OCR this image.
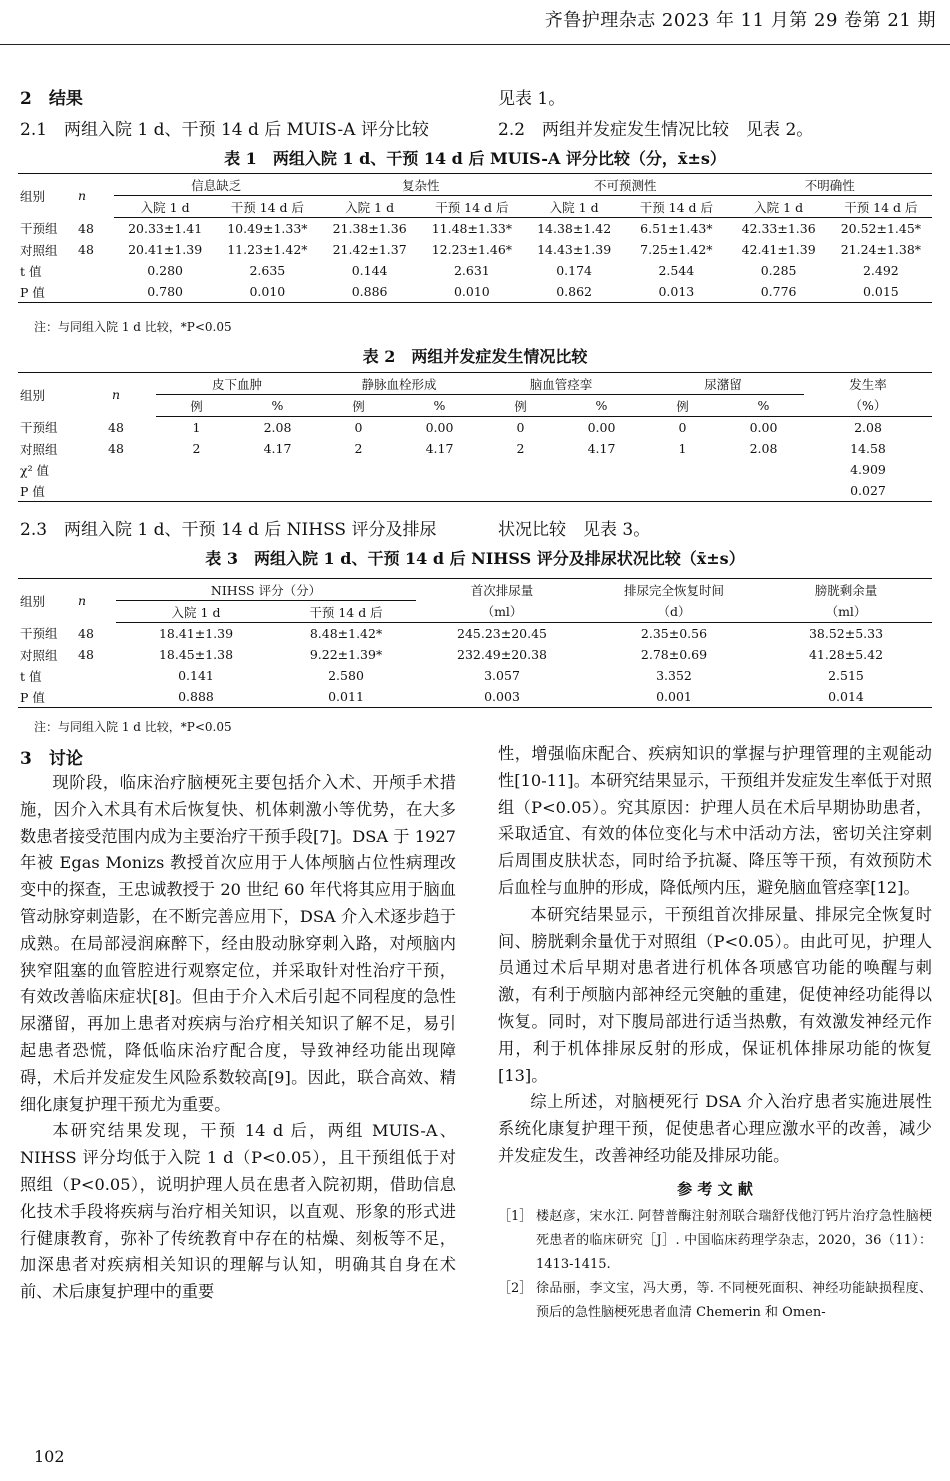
齐鲁护理杂志 2023 年 11 月第 29 卷第 21 期
2　结果
2.1　两组入院 1 d、干预 14 d 后 MUIS-A 评分比较
见表 1。
2.2　两组并发症发生情况比较　见表 2。
表 1　两组入院 1 d、干预 14 d 后 MUIS-A 评分比较（分，x̄±s）
组别	n	信息缺乏		复杂性		不可预测性		不明确性	
		入院 1 d	干预 14 d 后	入院 1 d	干预 14 d 后	入院 1 d	干预 14 d 后	入院 1 d	干预 14 d 后
干预组	48	20.33±1.41	10.49±1.33*	21.38±1.36	11.48±1.33*	14.38±1.42	6.51±1.43*	42.33±1.36	20.52±1.45*
对照组	48	20.41±1.39	11.23±1.42*	21.42±1.37	12.23±1.46*	14.43±1.39	7.25±1.42*	42.41±1.39	21.24±1.38*
t 值		0.280	2.635	0.144	2.631	0.174	2.544	0.285	2.492
P 值		0.780	0.010	0.886	0.010	0.862	0.013	0.776	0.015
注：与同组入院 1 d 比较，*P<0.05
表 2　两组并发症发生情况比较
组别	n	皮下血肿		静脉血栓形成		脑血管痉挛		尿潴留		发生率
		例	%	例	%	例	%	例	%	（%）
干预组	48	1	2.08	0	0.00	0	0.00	0	0.00	2.08
对照组	48	2	4.17	2	4.17	2	4.17	1	2.08	14.58
χ² 值										4.909
P 值										0.027
2.3　两组入院 1 d、干预 14 d 后 NIHSS 评分及排尿	状况比较　见表 3。
表 3　两组入院 1 d、干预 14 d 后 NIHSS 评分及排尿状况比较（x̄±s）
组别	n	NIHSS 评分（分）		首次排尿量	排尿完全恢复时间	膀胱剩余量
		入院 1 d	干预 14 d 后	（ml）	（d）	（ml）
干预组	48	18.41±1.39	8.48±1.42*	245.23±20.45	2.35±0.56	38.52±5.33
对照组	48	18.45±1.38	9.22±1.39*	232.49±20.38	2.78±0.69	41.28±5.42
t 值		0.141	2.580	3.057	3.352	2.515
P 值		0.888	0.011	0.003	0.001	0.014
注：与同组入院 1 d 比较，*P<0.05
3　讨论

现阶段，临床治疗脑梗死主要包括介入术、开颅手术措施，因介入术具有术后恢复快、机体刺激小等优势，在大多数患者接受范围内成为主要治疗干预手段[7]。DSA 于 1927 年被 Egas Monizs 教授首次应用于人体颅脑占位性病理改变中的探查，王忠诚教授于 20 世纪 60 年代将其应用于脑血管动脉穿刺造影，在不断完善应用下，DSA 介入术逐步趋于成熟。在局部浸润麻醉下，经由股动脉穿刺入路，对颅脑内狭窄阻塞的血管腔进行观察定位，并采取针对性治疗干预，有效改善临床症状[8]。但由于介入术后引起不同程度的急性尿潴留，再加上患者对疾病与治疗相关知识了解不足，易引起患者恐慌，降低临床治疗配合度，导致神经功能出现障碍，术后并发症发生风险系数较高[9]。因此，联合高效、精细化康复护理干预尤为重要。

本研究结果发现，干预 14 d 后，两组 MUIS-A、NIHSS 评分均低于入院 1 d（P<0.05），且干预组低于对照组（P<0.05），说明护理人员在患者入院初期，借助信息化技术手段将疾病与治疗相关知识，以直观、形象的形式进行健康教育，弥补了传统教育中存在的枯燥、刻板等不足，加深患者对疾病相关知识的理解与认知，明确其自身在术前、术后康复护理中的重要

性，增强临床配合、疾病知识的掌握与护理管理的主观能动性[10-11]。本研究结果显示，干预组并发症发生率低于对照组（P<0.05）。究其原因：护理人员在术后早期协助患者，采取适宜、有效的体位变化与术中活动方法，密切关注穿刺后周围皮肤状态，同时给予抗凝、降压等干预，有效预防术后血栓与血肿的形成，降低颅内压，避免脑血管痉挛[12]。

本研究结果显示，干预组首次排尿量、排尿完全恢复时间、膀胱剩余量优于对照组（P<0.05）。由此可见，护理人员通过术后早期对患者进行机体各项感官功能的唤醒与刺激，有利于颅脑内部神经元突触的重建，促使神经功能得以恢复。同时，对下腹局部进行适当热敷，有效激发神经元作用，利于机体排尿反射的形成，保证机体排尿功能的恢复[13]。

综上所述，对脑梗死行 DSA 介入治疗患者实施进展性系统化康复护理干预，促使患者心理应激水平的改善，减少并发症发生，改善神经功能及排尿功能。

参 考 文 献
［1］ 楼赵彦，宋水江. 阿替普酶注射剂联合瑞舒伐他汀钙片治疗急性脑梗死患者的临床研究［J］. 中国临床药理学杂志，2020，36（11）：1413-1415.
［2］ 徐品丽，李文宝，冯大勇，等. 不同梗死面积、神经功能缺损程度、预后的急性脑梗死患者血清 Chemerin 和 Omen-
102
